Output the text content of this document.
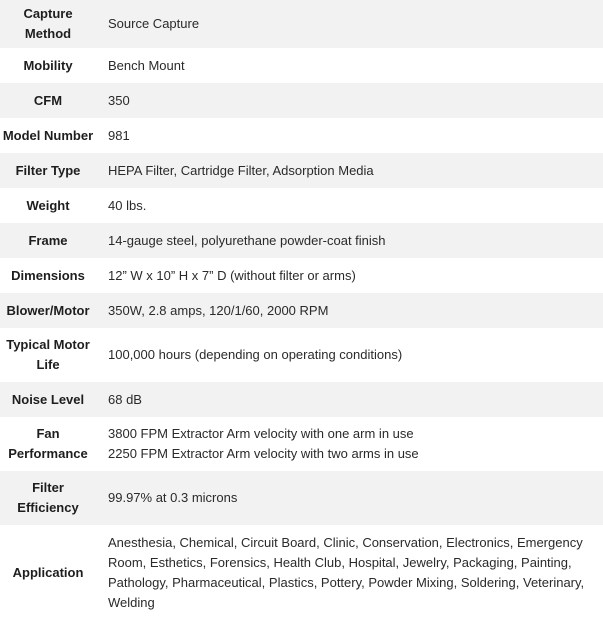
Capture Method	Source Capture
Mobility	Bench Mount
CFM	350
Model Number	981
Filter Type	HEPA Filter, Cartridge Filter, Adsorption Media
Weight	40 lbs.
Frame	14-gauge steel, polyurethane powder-coat finish
Dimensions	12” W x 10” H x 7” D (without filter or arms)
Blower/Motor	350W, 2.8 amps, 120/1/60, 2000 RPM
Typical Motor Life	100,000 hours (depending on operating conditions)
Noise Level	68 dB
Fan Performance	3800 FPM Extractor Arm velocity with one arm in use
2250 FPM Extractor Arm velocity with two arms in use

Filter Efficiency	99.97% at 0.3 microns
Application	Anesthesia, Chemical, Circuit Board, Clinic, Conservation, Electronics, Emergency Room, Esthetics, Forensics, Health Club, Hospital, Jewelry, Packaging, Painting, Pathology, Pharmaceutical, Plastics, Pottery, Powder Mixing, Soldering, Veterinary, Welding
